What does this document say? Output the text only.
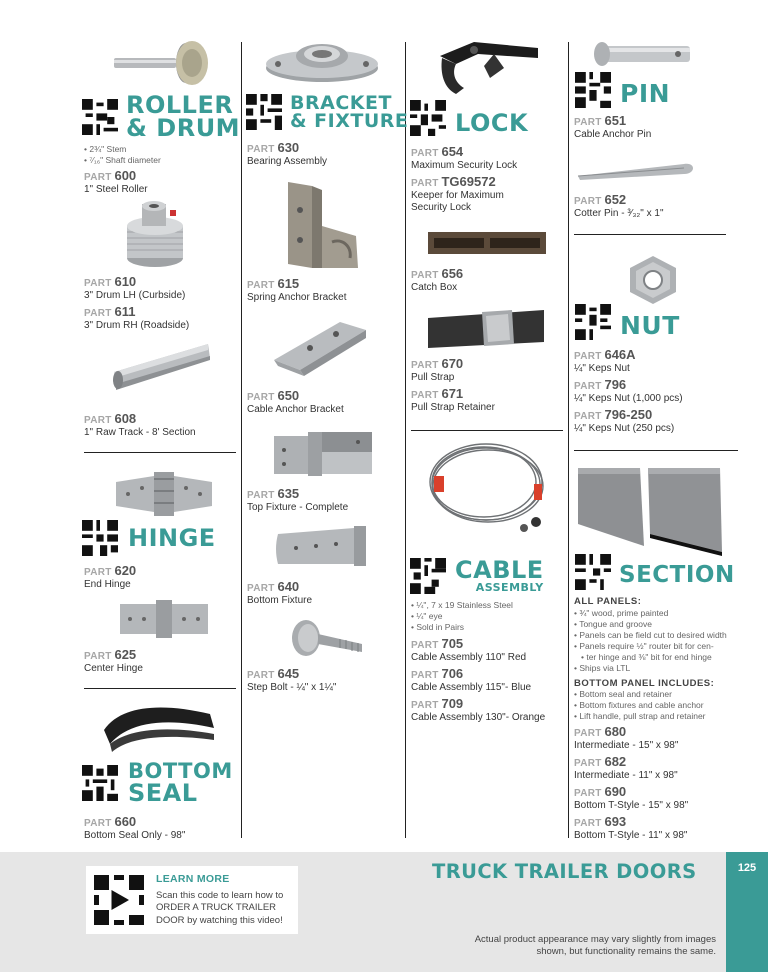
ROLLER
& DRUM
• 2¾" Stem
• ⁷⁄₁₆" Shaft diameter
PART 600
1" Steel Roller
PART 610
3" Drum LH (Curbside)
PART 611
3" Drum RH (Roadside)
PART 608
1" Raw Track - 8' Section
HINGE
PART 620
End Hinge
PART 625
Center Hinge
BOTTOM
SEAL
PART 660
Bottom Seal Only - 98"
BRACKET
& FIXTURE
PART 630
Bearing Assembly
PART 615
Spring Anchor Bracket
PART 650
Cable Anchor Bracket
PART 635
Top Fixture - Complete
PART 640
Bottom Fixture
PART 645
Step Bolt - ¼" x 1¼"
LOCK
PART 654
Maximum Security Lock
PART TG69572
Keeper for Maximum
Security Lock
PART 656
Catch Box
PART 670
Pull Strap
PART 671
Pull Strap Retainer
CABLE
ASSEMBLY
• ¼", 7 x 19 Stainless Steel
• ¼" eye
• Sold in Pairs
PART 705
Cable Assembly 110" Red
PART 706
Cable Assembly 115"- Blue
PART 709
Cable Assembly 130"- Orange
PIN
PART 651
Cable Anchor Pin
PART 652
Cotter Pin - ³⁄₃₂" x 1"
NUT
PART 646A
¼" Keps Nut
PART 796
¼" Keps Nut (1,000 pcs)
PART 796-250
¼" Keps Nut (250 pcs)
SECTION
ALL PANELS:
• ¾" wood, prime painted
• Tongue and groove
• Panels can be field cut to desired width
• Panels require ½" router bit for cen-
• ter hinge and ⅜" bit for end hinge
• Ships via LTL
BOTTOM PANEL INCLUDES:
• Bottom seal and retainer
• Bottom fixtures and cable anchor
• Lift handle, pull strap and retainer
PART 680
Intermediate - 15" x 98"
PART 682
Intermediate - 11" x 98"
PART 690
Bottom T-Style - 15" x 98"
PART 693
Bottom T-Style - 11" x 98"
125
TRUCK TRAILER DOORS
Actual product appearance may vary slightly from images shown, but functionality remains the same.
LEARN MORE
Scan this code to learn how to ORDER A TRUCK TRAILER DOOR by watching this video!
